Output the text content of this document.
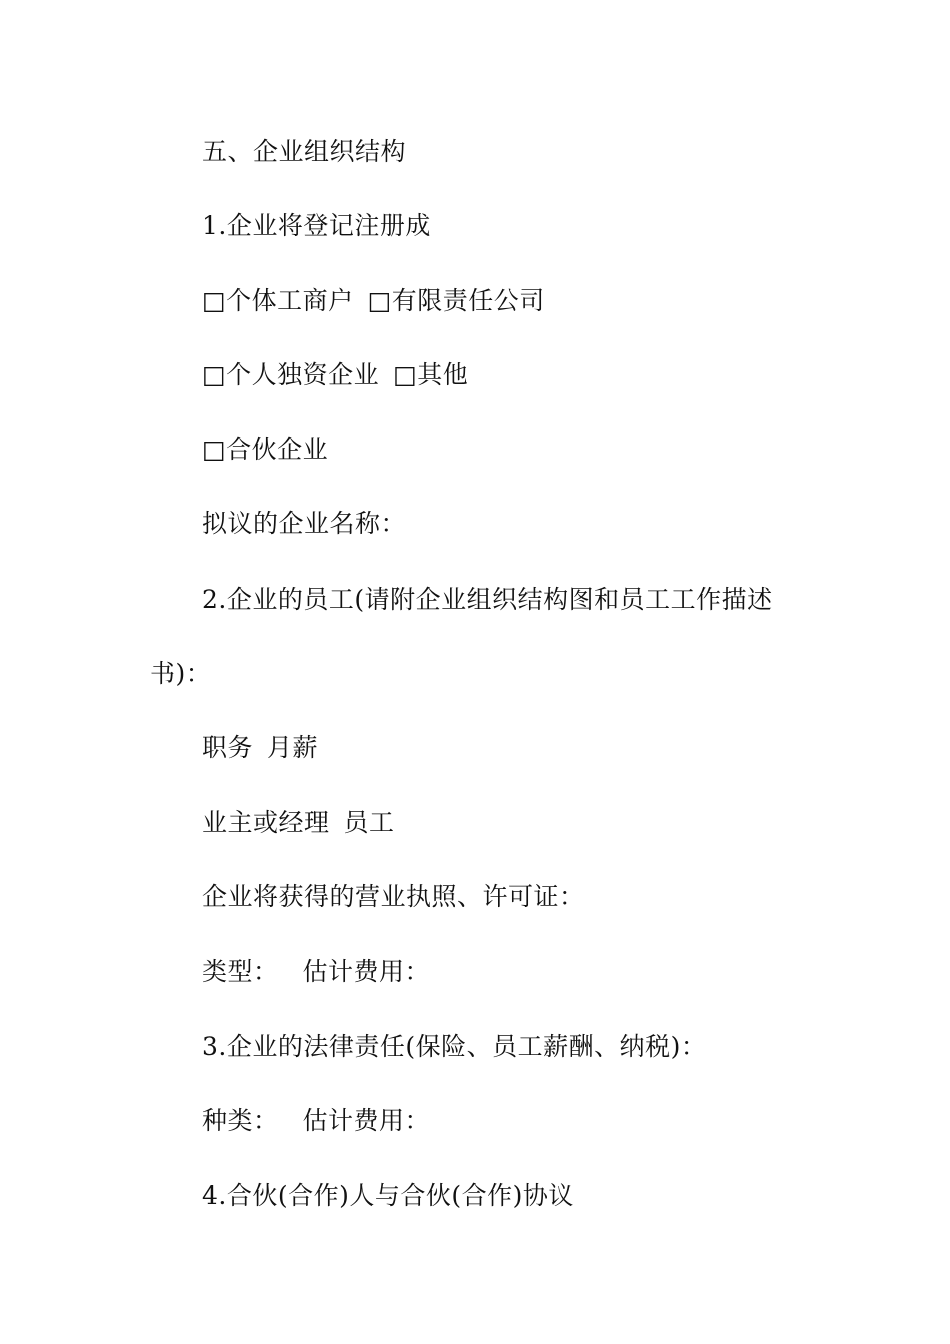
五、企业组织结构
1.企业将登记注册成
□个体工商户 □有限责任公司
□个人独资企业 □其他
□合伙企业
拟议的企业名称：
2.企业的员工(请附企业组织结构图和员工工作描述
书)：
职务 月薪
业主或经理 员工
企业将获得的营业执照、许可证：
类型： 估计费用：
3.企业的法律责任(保险、员工薪酬、纳税)：
种类： 估计费用：
4.合伙(合作)人与合伙(合作)协议
